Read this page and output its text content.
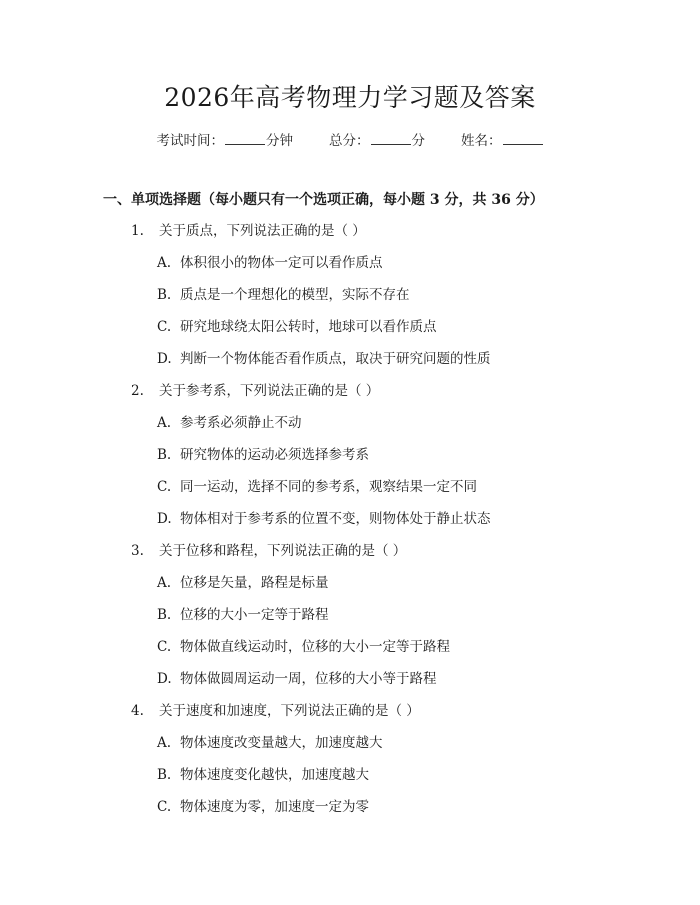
2026年高考物理力学习题及答案
考试时间：	分钟	总分：	分	姓名：
一、单项选择题（每小题只有一个选项正确，每小题 3 分，共 36 分）
1. 关于质点，下列说法正确的是（ ）
A. 体积很小的物体一定可以看作质点
B. 质点是一个理想化的模型，实际不存在
C. 研究地球绕太阳公转时，地球可以看作质点
D. 判断一个物体能否看作质点，取决于研究问题的性质
2. 关于参考系，下列说法正确的是（ ）
A. 参考系必须静止不动
B. 研究物体的运动必须选择参考系
C. 同一运动，选择不同的参考系，观察结果一定不同
D. 物体相对于参考系的位置不变，则物体处于静止状态
3. 关于位移和路程，下列说法正确的是（ ）
A. 位移是矢量，路程是标量
B. 位移的大小一定等于路程
C. 物体做直线运动时，位移的大小一定等于路程
D. 物体做圆周运动一周，位移的大小等于路程
4. 关于速度和加速度，下列说法正确的是（ ）
A. 物体速度改变量越大，加速度越大
B. 物体速度变化越快，加速度越大
C. 物体速度为零，加速度一定为零
